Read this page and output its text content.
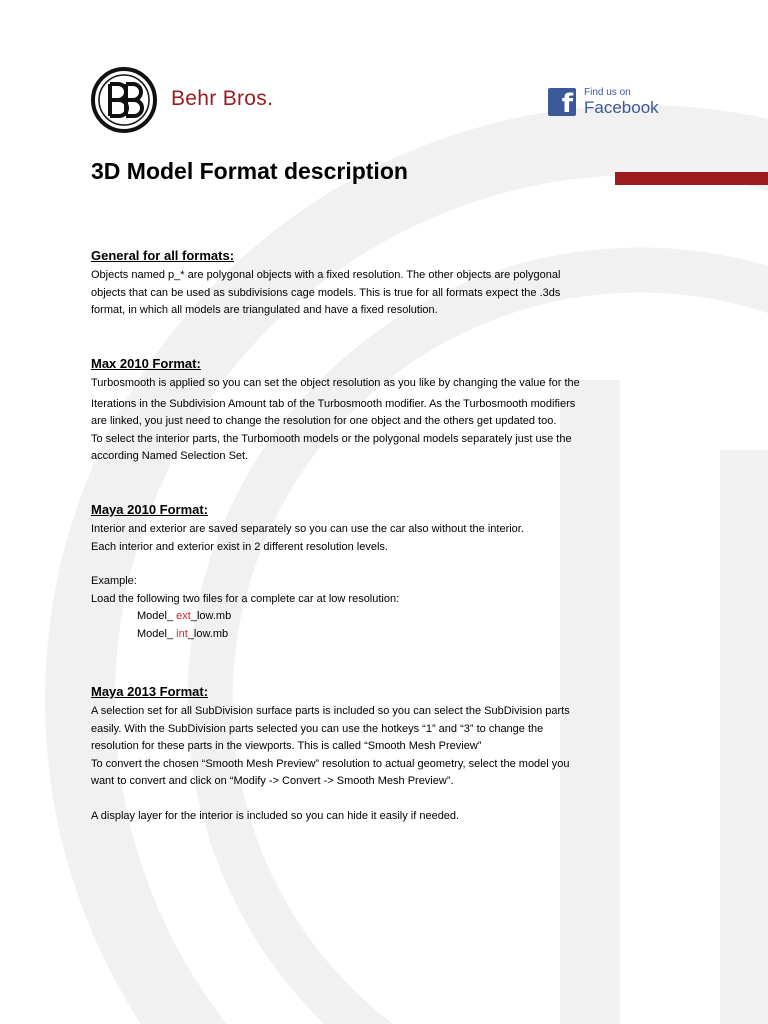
Behr Bros.	f Find us on
Facebook
3D Model Format description
General for all formats:

Objects named p_* are polygonal objects with a fixed resolution. The other objects are polygonal

objects that can be used as subdivisions cage models. This is true for all formats expect the .3ds

format, in which all models are triangulated and have a fixed resolution.

Max 2010 Format:

Turbosmooth is applied so you can set the object resolution as you like by changing the value for the

Iterations in the Subdivision Amount tab of the Turbosmooth modifier. As the Turbosmooth modifiers

are linked, you just need to change the resolution for one object and the others get updated too.

To select the interior parts, the Turbomooth models or the polygonal models separately just use the

according Named Selection Set.

Maya 2010 Format:

Interior and exterior are saved separately so you can use the car also without the interior.

Each interior and exterior exist in 2 different resolution levels.

Example:

Load the following two files for a complete car at low resolution:

Model_ ext_low.mb

Model_ int_low.mb

Maya 2013 Format:

A selection set for all SubDivision surface parts is included so you can select the SubDivision parts

easily. With the SubDivision parts selected you can use the hotkeys “1” and “3” to change the

resolution for these parts in the viewports. This is called “Smooth Mesh Preview”

To convert the chosen “Smooth Mesh Preview” resolution to actual geometry, select the model you

want to convert and click on “Modify -> Convert -> Smooth Mesh Preview”.

A display layer for the interior is included so you can hide it easily if needed.
